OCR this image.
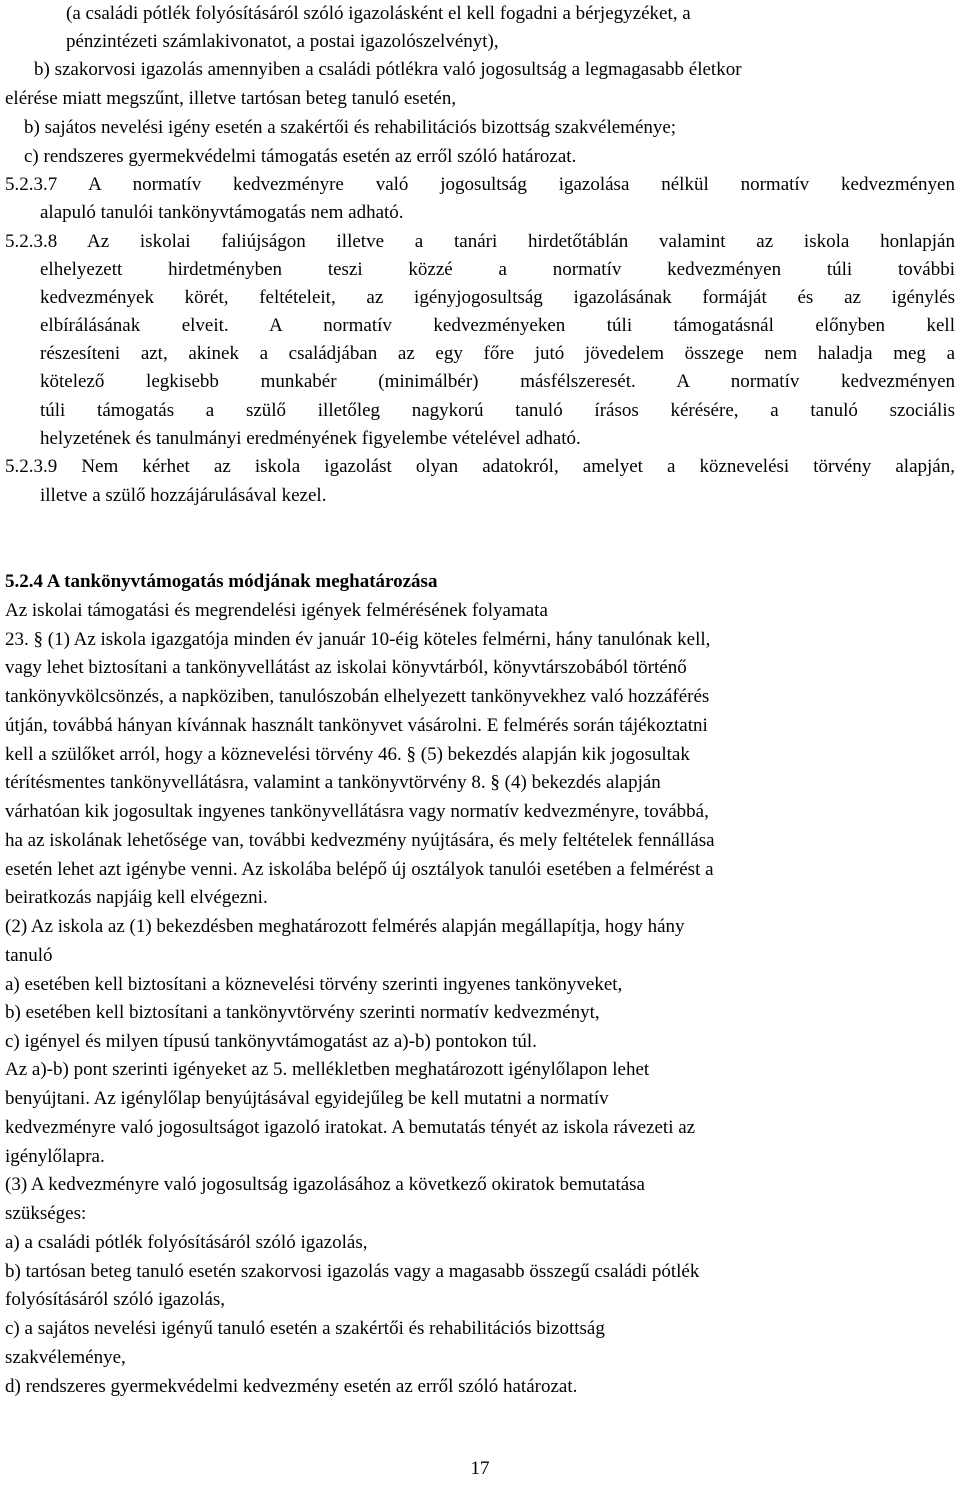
(a családi pótlék folyósításáról szóló igazolásként el kell fogadni a bérjegyzéket, a
pénzintézeti számlakivonatot, a postai igazolószelvényt),
b) szakorvosi igazolás amennyiben a családi pótlékra való jogosultság a legmagasabb életkor
elérése miatt megszűnt, illetve tartósan beteg tanuló esetén,
b) sajátos nevelési igény esetén a szakértői és rehabilitációs bizottság szakvéleménye;
c) rendszeres gyermekvédelmi támogatás esetén az erről szóló határozat.
5.2.3.7 A normatív kedvezményre való jogosultság igazolása nélkül normatív kedvezményen
alapuló tanulói tankönyvtámogatás nem adható.
5.2.3.8 Az iskolai faliújságon illetve a tanári hirdetőtáblán valamint az iskola honlapján
elhelyezett hirdetményben teszi közzé a normatív kedvezményen túli további
kedvezmények körét, feltételeit, az igényjogosultság igazolásának formáját és az igénylés
elbírálásának elveit. A normatív kedvezményeken túli támogatásnál előnyben kell
részesíteni azt, akinek a családjában az egy főre jutó jövedelem összege nem haladja meg a
kötelező legkisebb munkabér (minimálbér) másfélszeresét. A normatív kedvezményen
túli támogatás a szülő illetőleg nagykorú tanuló írásos kérésére, a tanuló szociális
helyzetének és tanulmányi eredményének figyelembe vételével adható.
5.2.3.9 Nem kérhet az iskola igazolást olyan adatokról, amelyet a köznevelési törvény alapján,
illetve a szülő hozzájárulásával kezel.
5.2.4 A tankönyvtámogatás módjának meghatározása
Az iskolai támogatási és megrendelési igények felmérésének folyamata
23. § (1) Az iskola igazgatója minden év január 10-éig köteles felmérni, hány tanulónak kell,
vagy lehet biztosítani a tankönyvellátást az iskolai könyvtárból, könyvtárszobából történő
tankönyvkölcsönzés, a napköziben, tanulószobán elhelyezett tankönyvekhez való hozzáférés
útján, továbbá hányan kívánnak használt tankönyvet vásárolni. E felmérés során tájékoztatni
kell a szülőket arról, hogy a köznevelési törvény 46. § (5) bekezdés alapján kik jogosultak
térítésmentes tankönyvellátásra, valamint a tankönyvtörvény 8. § (4) bekezdés alapján
várhatóan kik jogosultak ingyenes tankönyvellátásra vagy normatív kedvezményre, továbbá,
ha az iskolának lehetősége van, további kedvezmény nyújtására, és mely feltételek fennállása
esetén lehet azt igénybe venni. Az iskolába belépő új osztályok tanulói esetében a felmérést a
beiratkozás napjáig kell elvégezni.
(2) Az iskola az (1) bekezdésben meghatározott felmérés alapján megállapítja, hogy hány
tanuló
a) esetében kell biztosítani a köznevelési törvény szerinti ingyenes tankönyveket,
b) esetében kell biztosítani a tankönyvtörvény szerinti normatív kedvezményt,
c) igényel és milyen típusú tankönyvtámogatást az a)-b) pontokon túl.
Az a)-b) pont szerinti igényeket az 5. mellékletben meghatározott igénylőlapon lehet
benyújtani. Az igénylőlap benyújtásával egyidejűleg be kell mutatni a normatív
kedvezményre való jogosultságot igazoló iratokat. A bemutatás tényét az iskola rávezeti az
igénylőlapra.
(3) A kedvezményre való jogosultság igazolásához a következő okiratok bemutatása
szükséges:
a) a családi pótlék folyósításáról szóló igazolás,
b) tartósan beteg tanuló esetén szakorvosi igazolás vagy a magasabb összegű családi pótlék
folyósításáról szóló igazolás,
c) a sajátos nevelési igényű tanuló esetén a szakértői és rehabilitációs bizottság
szakvéleménye,
d) rendszeres gyermekvédelmi kedvezmény esetén az erről szóló határozat.
17
